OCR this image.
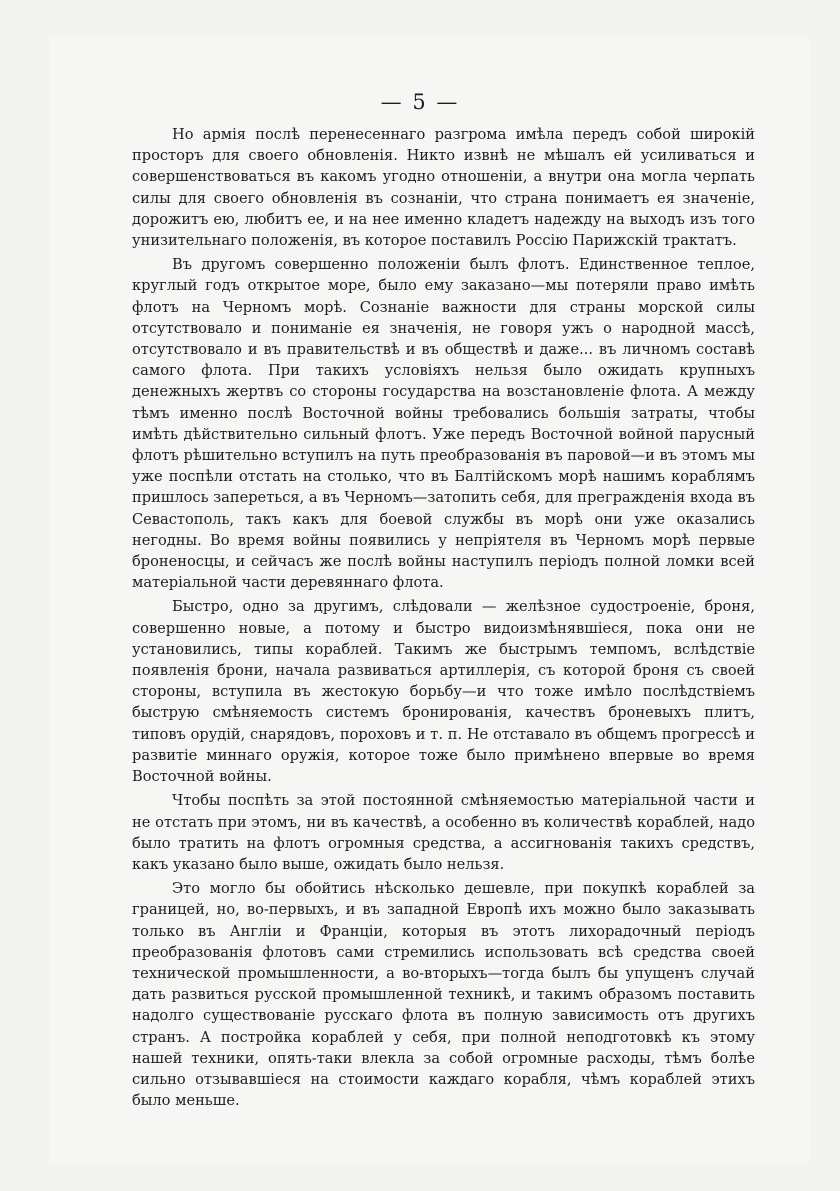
— 5 —

Но армія послѣ перенесеннаго разгрома имѣла передъ собой широкій просторъ для своего обновленія. Никто извнѣ не мѣшалъ ей усиливаться и совершенствоваться въ какомъ угодно отношеніи, а внутри она могла черпать силы для своего обновленія въ сознаніи, что страна понимаетъ ея значеніе, дорожитъ ею, любитъ ее, и на нее именно кладетъ надежду на выходъ изъ того унизительнаго положенія, въ которое поставилъ Россію Парижскій трактатъ.

Въ другомъ совершенно положеніи былъ флотъ. Единственное теплое, круглый годъ открытое море, было ему заказано—мы потеряли право имѣть флотъ на Черномъ морѣ. Сознаніе важности для страны морской силы отсутствовало и пониманіе ея значенія, не говоря ужъ о народной массѣ, отсутствовало и въ правительствѣ и въ обществѣ и даже... въ личномъ составѣ самого флота. При такихъ условіяхъ нельзя было ожидать крупныхъ денежныхъ жертвъ со стороны государства на возстановленіе флота. А между тѣмъ именно послѣ Восточной войны требовались большія затраты, чтобы имѣть дѣйствительно сильный флотъ. Уже передъ Восточной войной парусный флотъ рѣшительно вступилъ на путь преобразованія въ паровой—и въ этомъ мы уже поспѣли отстать на столько, что въ Балтійскомъ морѣ нашимъ кораблямъ пришлось запереться, а въ Черномъ—затопить себя, для прегражденія входа въ Севастополь, такъ какъ для боевой службы въ морѣ они уже оказались негодны. Во время войны появились у непріятеля въ Черномъ морѣ первые броненосцы, и сейчасъ же послѣ войны наступилъ періодъ полной ломки всей матеріальной части деревяннаго флота.

Быстро, одно за другимъ, слѣдовали — желѣзное судостроеніе, броня, совершенно новые, а потому и быстро видоизмѣнявшіеся, пока они не установились, типы кораблей. Такимъ же быстрымъ темпомъ, вслѣдствіе появленія брони, начала развиваться артиллерія, съ которой броня съ своей стороны, вступила въ жестокую борьбу—и что тоже имѣло послѣдствіемъ быструю смѣняемость системъ бронированія, качествъ броневыхъ плитъ, типовъ орудій, снарядовъ, пороховъ и т. п. Не отставало въ общемъ прогрессѣ и развитіе миннаго оружія, которое тоже было примѣнено впервые во время Восточной войны.

Чтобы поспѣть за этой постоянной смѣняемостью матеріальной части и не отстать при этомъ, ни въ качествѣ, а особенно въ количествѣ кораблей, надо было тратить на флотъ огромныя средства, а ассигнованія такихъ средствъ, какъ указано было выше, ожидать было нельзя.

Это могло бы обойтись нѣсколько дешевле, при покупкѣ кораблей за границей, но, во-первыхъ, и въ западной Европѣ ихъ можно было заказывать только въ Англіи и Франціи, которыя въ этотъ лихорадочный періодъ преобразованія флотовъ сами стремились использовать всѣ средства своей технической промышленности, а во-вторыхъ—тогда былъ бы упущенъ случай дать развиться русской промышленной техникѣ, и такимъ образомъ поставить надолго существованіе русскаго флота въ полную зависимость отъ другихъ странъ. А постройка кораблей у себя, при полной неподготовкѣ къ этому нашей техники, опять-таки влекла за собой огромные расходы, тѣмъ болѣе сильно отзывавшіеся на стоимости каждаго корабля, чѣмъ кораблей этихъ было меньше.
